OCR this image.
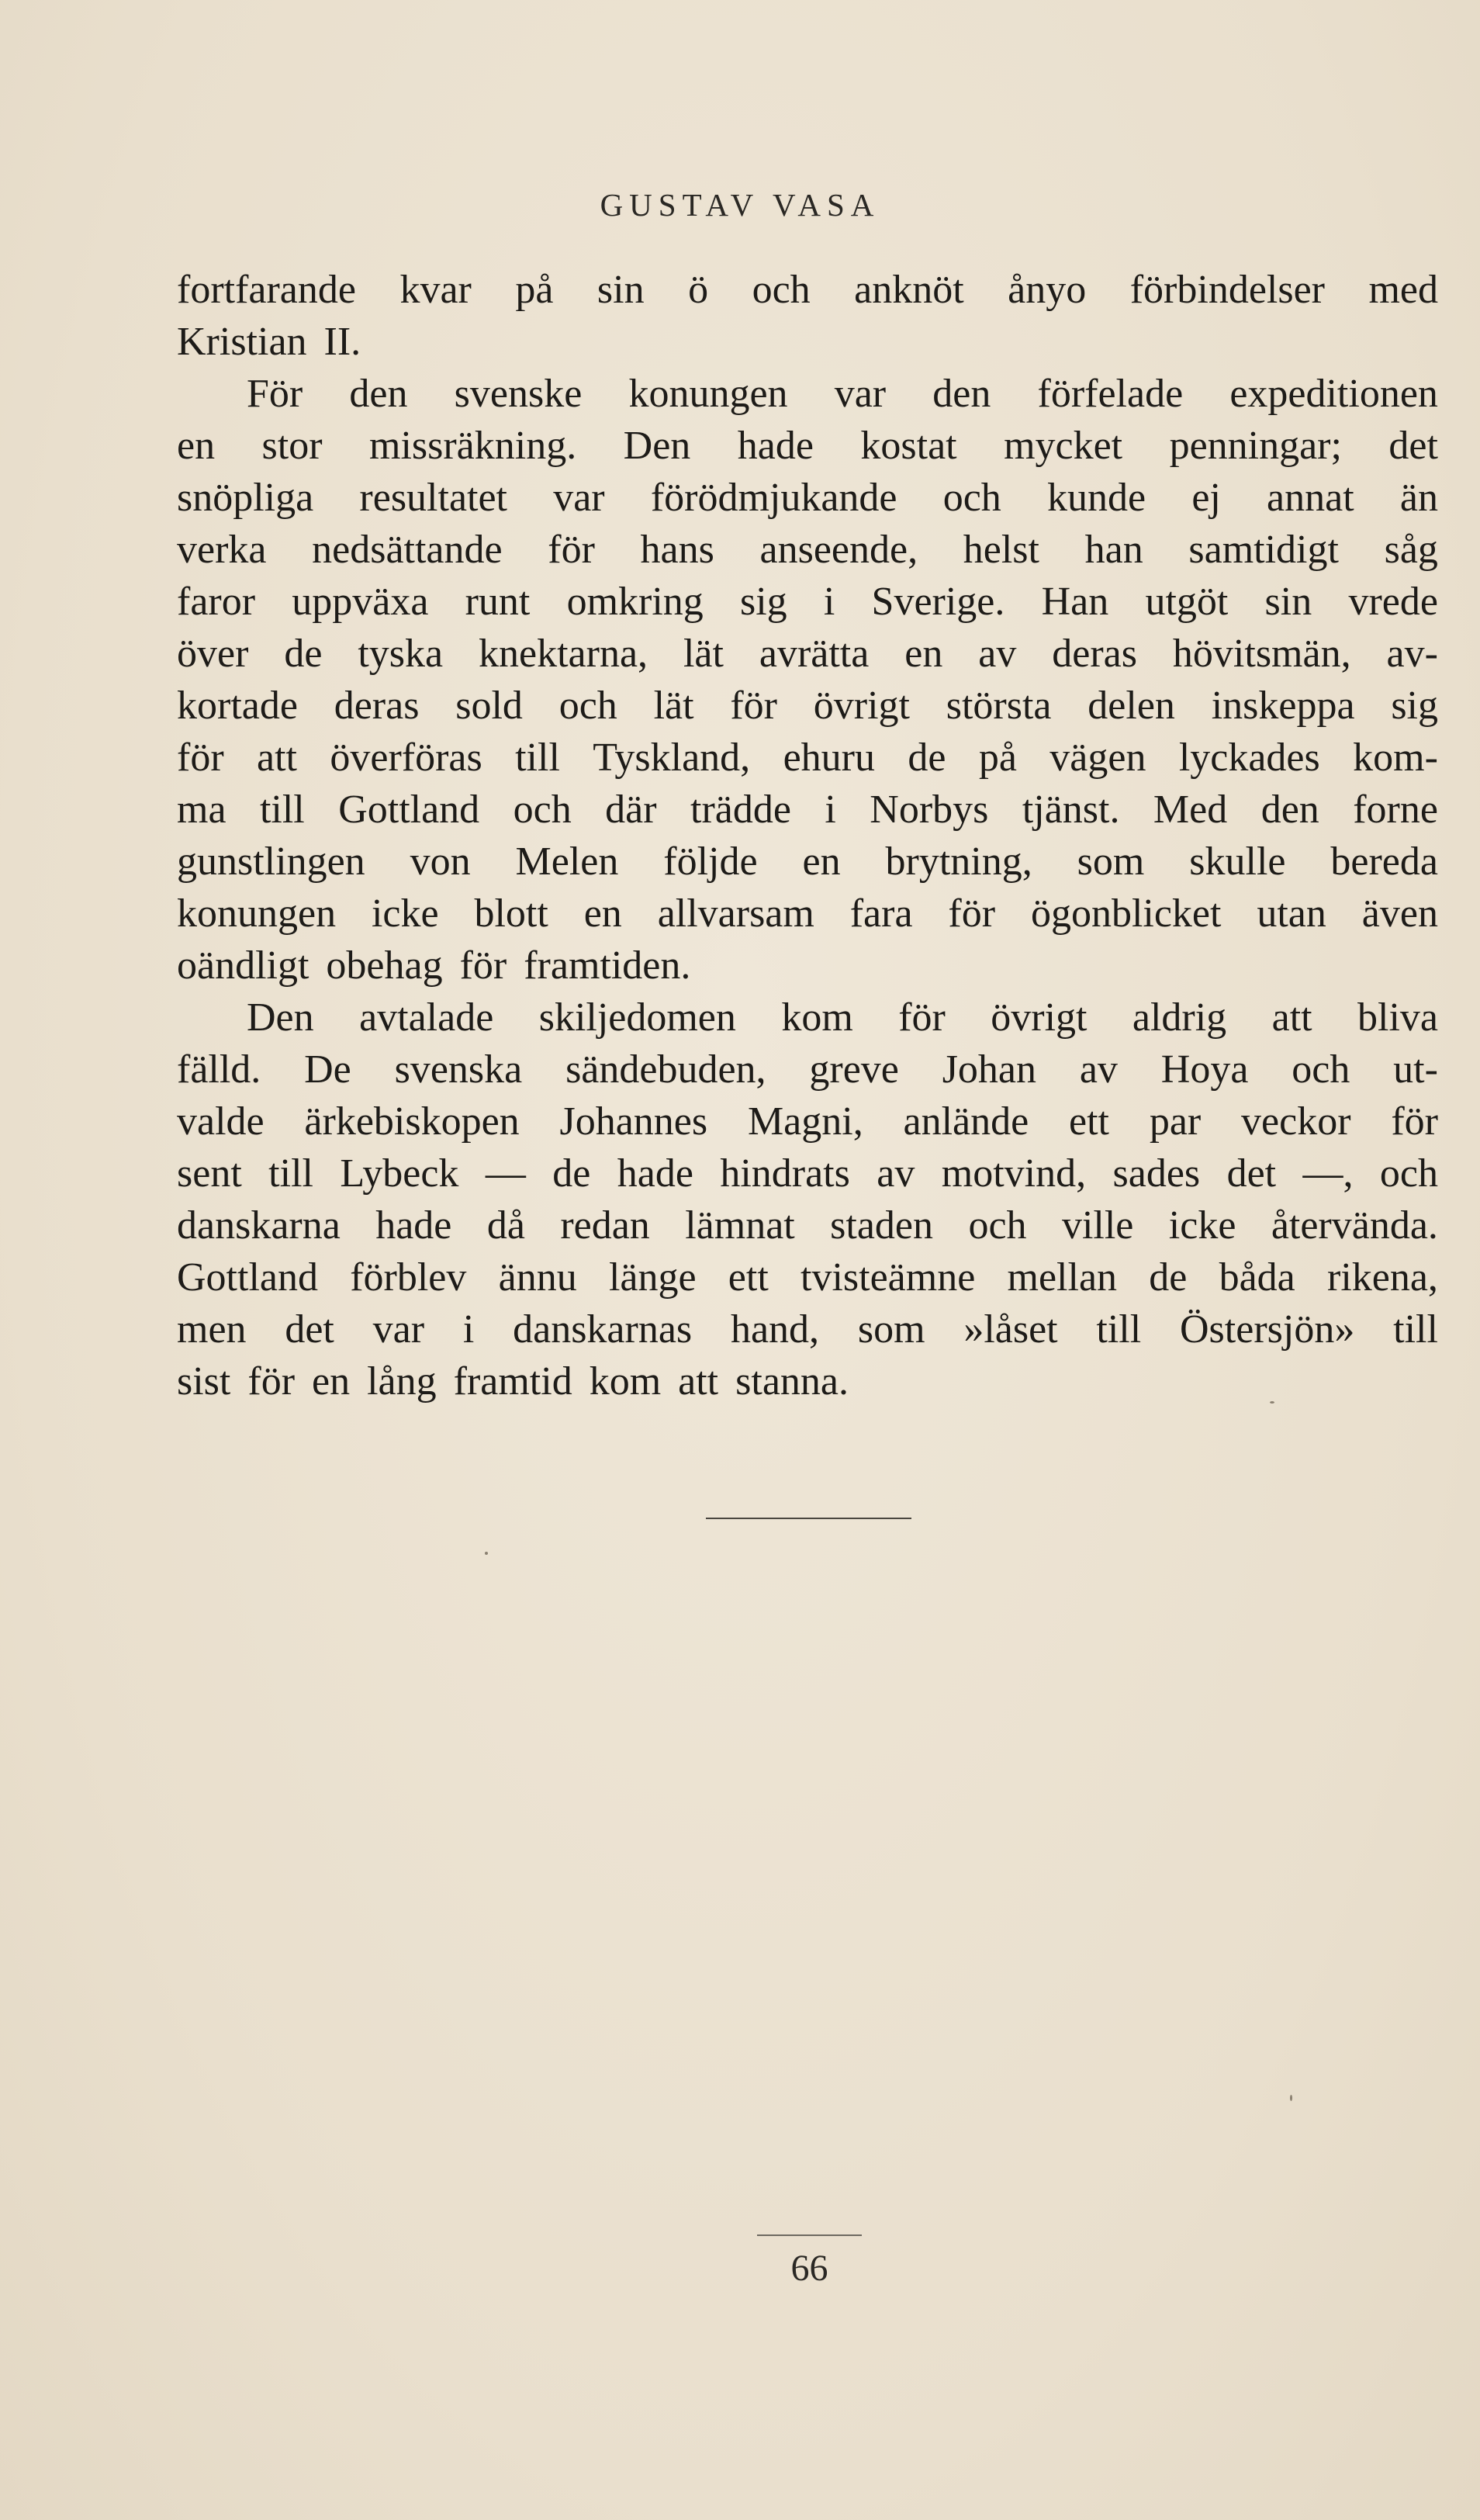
GUSTAV VASA
fortfarande kvar på sin ö och anknöt ånyo förbindelser med
Kristian II.
För den svenske konungen var den förfelade expeditionen
en stor missräkning. Den hade kostat mycket penningar; det
snöpliga resultatet var förödmjukande och kunde ej annat än
verka nedsättande för hans anseende, helst han samtidigt såg
faror uppväxa runt omkring sig i Sverige. Han utgöt sin vrede
över de tyska knektarna, lät avrätta en av deras hövitsmän, av-
kortade deras sold och lät för övrigt största delen inskeppa sig
för att överföras till Tyskland, ehuru de på vägen lyckades kom-
ma till Gottland och där trädde i Norbys tjänst. Med den forne
gunstlingen von Melen följde en brytning, som skulle bereda
konungen icke blott en allvarsam fara för ögonblicket utan även
oändligt obehag för framtiden.
Den avtalade skiljedomen kom för övrigt aldrig att bliva
fälld. De svenska sändebuden, greve Johan av Hoya och ut-
valde ärkebiskopen Johannes Magni, anlände ett par veckor för
sent till Lybeck — de hade hindrats av motvind, sades det —, och
danskarna hade då redan lämnat staden och ville icke återvända.
Gottland förblev ännu länge ett tvisteämne mellan de båda rikena,
men det var i danskarnas hand, som »låset till Östersjön» till
sist för en lång framtid kom att stanna.
66
